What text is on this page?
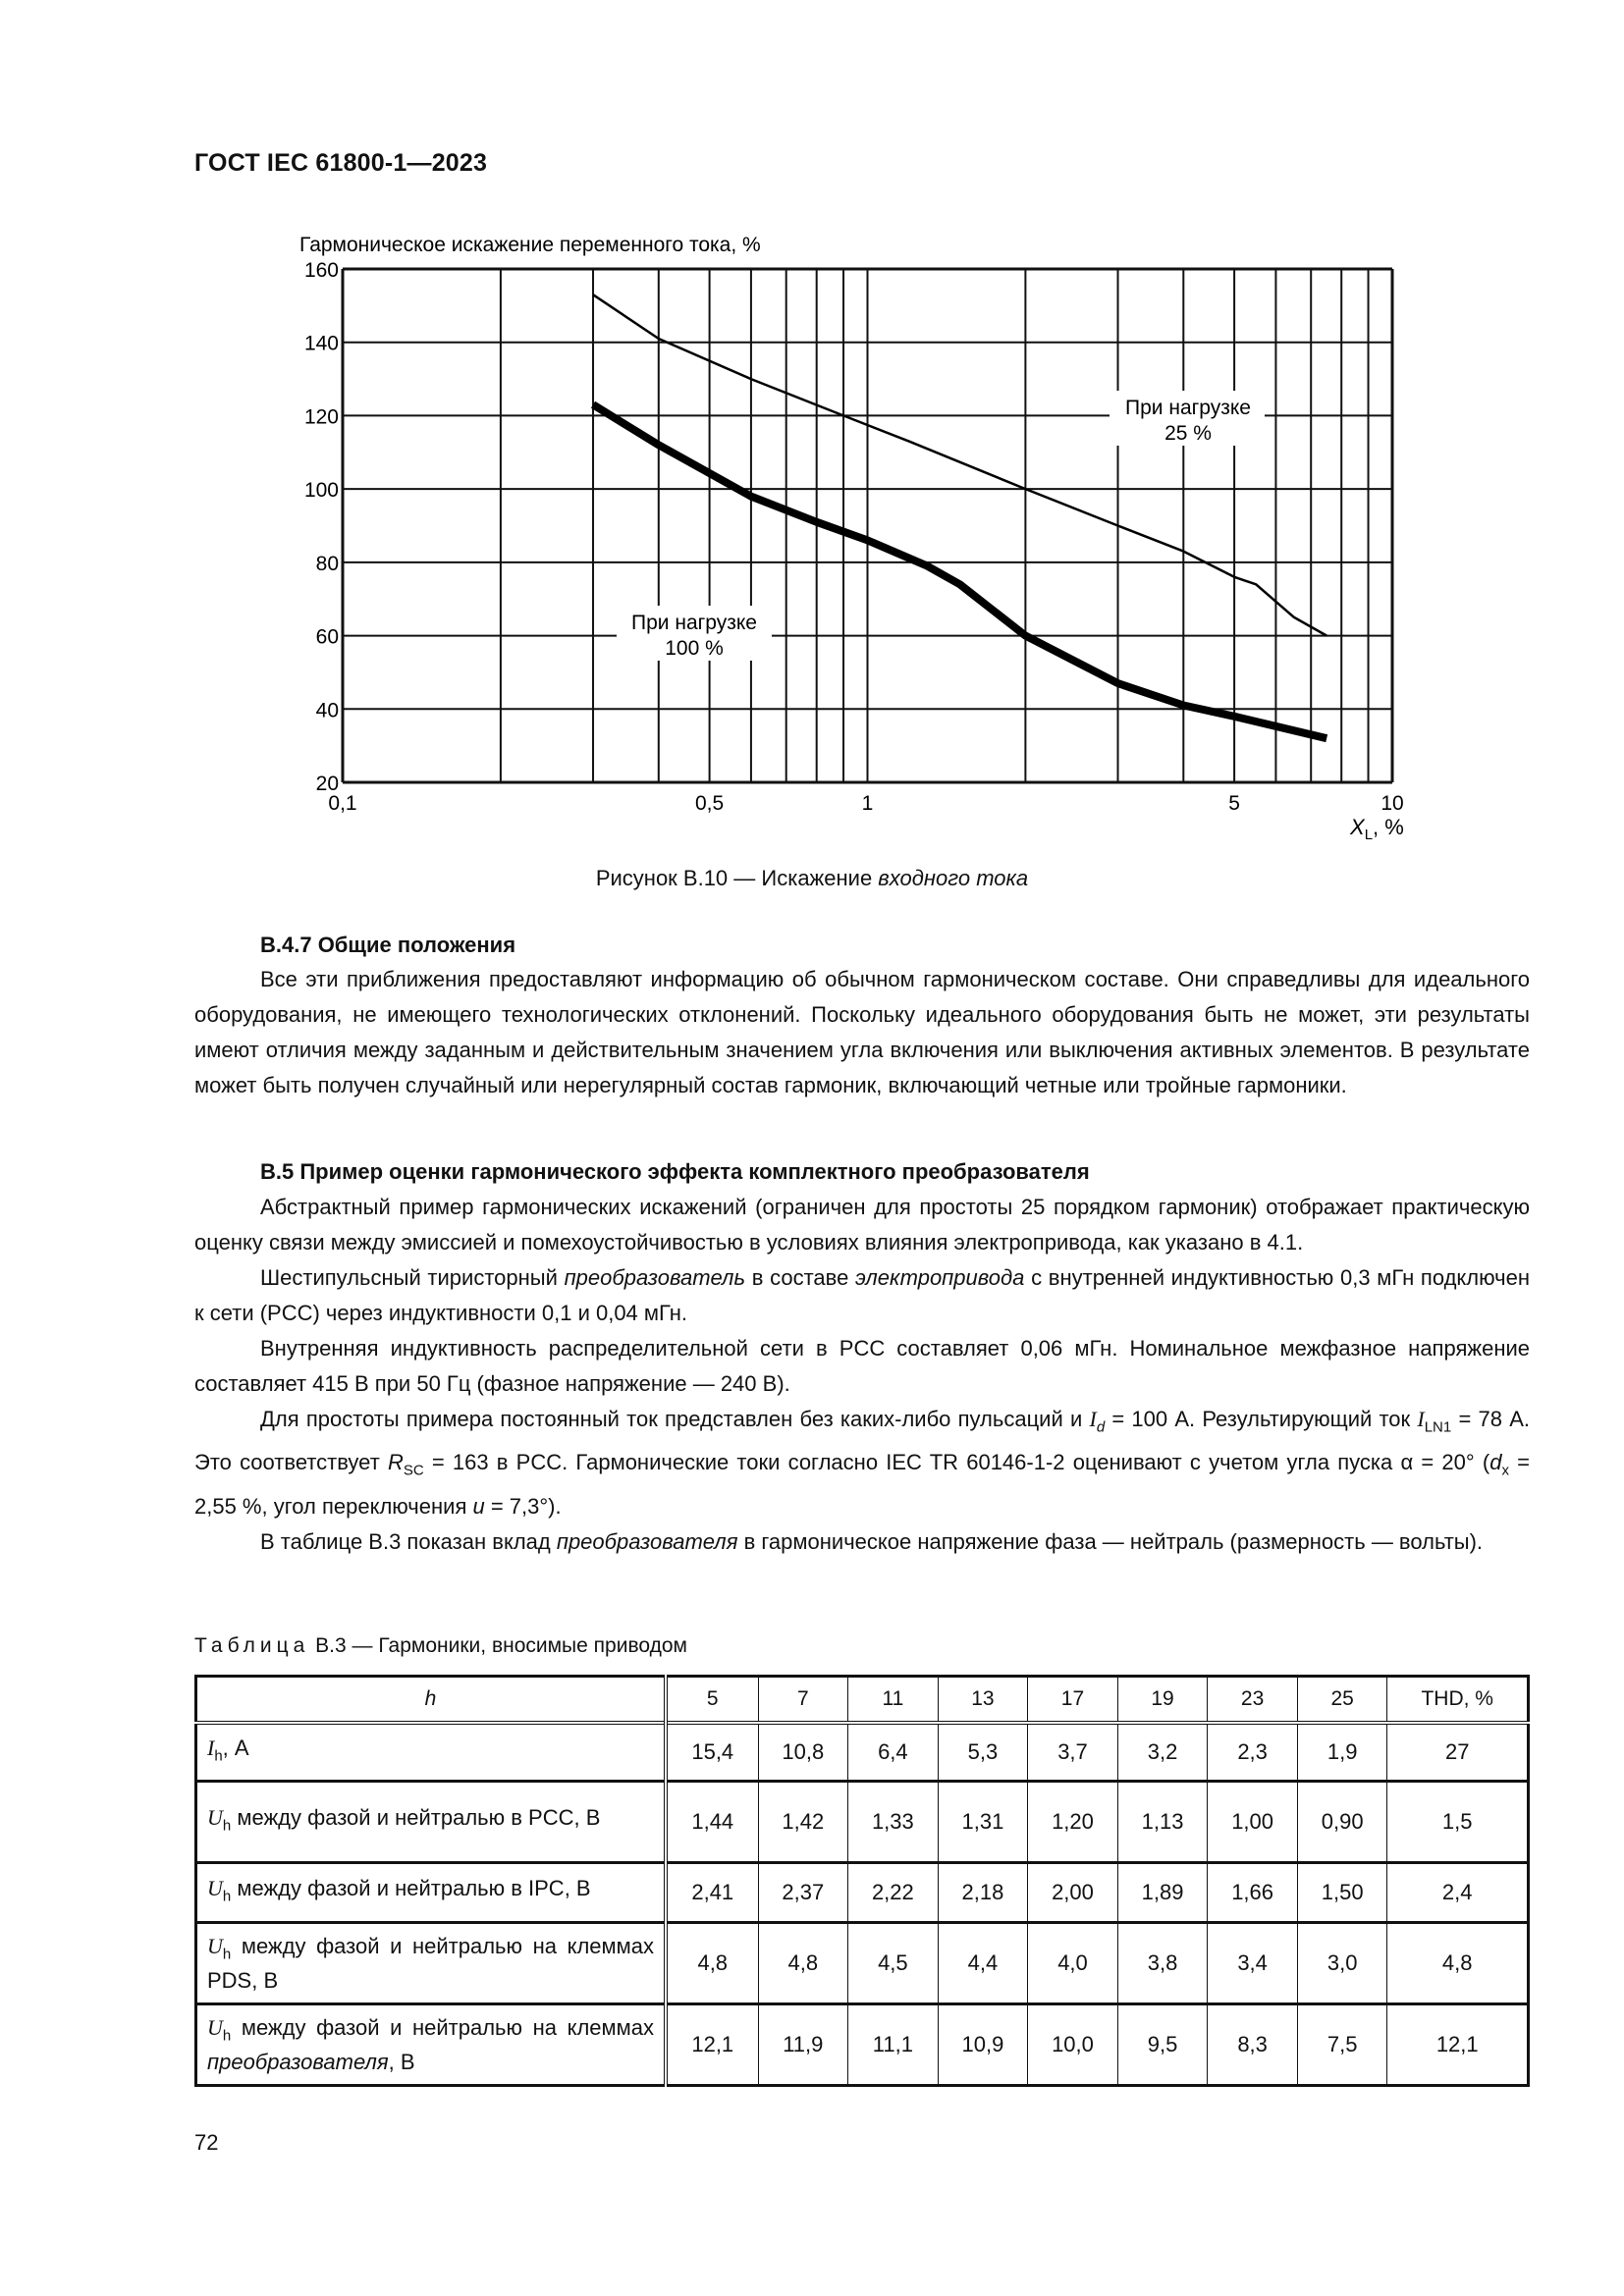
ГОСТ IEC 61800-1—2023
Гармоническое искажение переменного тока, %
20
40
60
80
100
120
140
160
0,1	0,5	1	5	10
$X_L$, %
При нагрузке
25 %
При нагрузке
100 %
Рисунок B.10 — Искажение входного тока
B.4.7 Общие положения

Все эти приближения предоставляют информацию об обычном гармоническом составе. Они справедливы для идеального оборудования, не имеющего технологических отклонений. Поскольку идеального оборудования быть не может, эти результаты имеют отличия между заданным и действительным значением угла включения или выключения активных элементов. В результате может быть получен случайный или нерегулярный состав гармоник, включающий четные или тройные гармоники.

B.5 Пример оценки гармонического эффекта комплектного преобразователя

Абстрактный пример гармонических искажений (ограничен для простоты 25 порядком гармоник) отображает практическую оценку связи между эмиссией и помехоустойчивостью в условиях влияния электропривода, как указано в 4.1.

Шестипульсный тиристорный преобразователь в составе электропривода с внутренней индуктивностью 0,3 мГн подключен к сети (PCC) через индуктивности 0,1 и 0,04 мГн.

Внутренняя индуктивность распределительной сети в PCC составляет 0,06 мГн. Номинальное межфазное напряжение составляет 415 В при 50 Гц (фазное напряжение — 240 В).

Для простоты примера постоянный ток представлен без каких-либо пульсаций и $I_d = 100$ А. Результирующий ток $I_{LN1} = 78$ А. Это соответствует $R_{SC} = 163$ в PCC. Гармонические токи согласно IEC TR 60146-1-2 оценивают с учетом угла пуска α = 20° ($d_x = 2,55$ %, угол переключения u = 7,3°).

В таблице B.3 показан вклад преобразователя в гармоническое напряжение фаза — нейтраль (размерность — вольты).

Таблица B.3 — Гармоники, вносимые приводом
h	5	7	11	13	17	19	23	25	THD, %
$I_h$, А	15,4	10,8	6,4	5,3	3,7	3,2	2,3	1,9	27
$U_h$ между фазой и нейтралью в PCC, В	1,44	1,42	1,33	1,31	1,20	1,13	1,00	0,90	1,5
$U_h$ между фазой и нейтралью в IPC, В	2,41	2,37	2,22	2,18	2,00	1,89	1,66	1,50	2,4
$U_h$ между фазой и нейтралью на клеммах PDS, В	4,8	4,8	4,5	4,4	4,0	3,8	3,4	3,0	4,8
$U_h$ между фазой и нейтралью на клеммах преобразователя, В	12,1	11,9	11,1	10,9	10,0	9,5	8,3	7,5	12,1
72
